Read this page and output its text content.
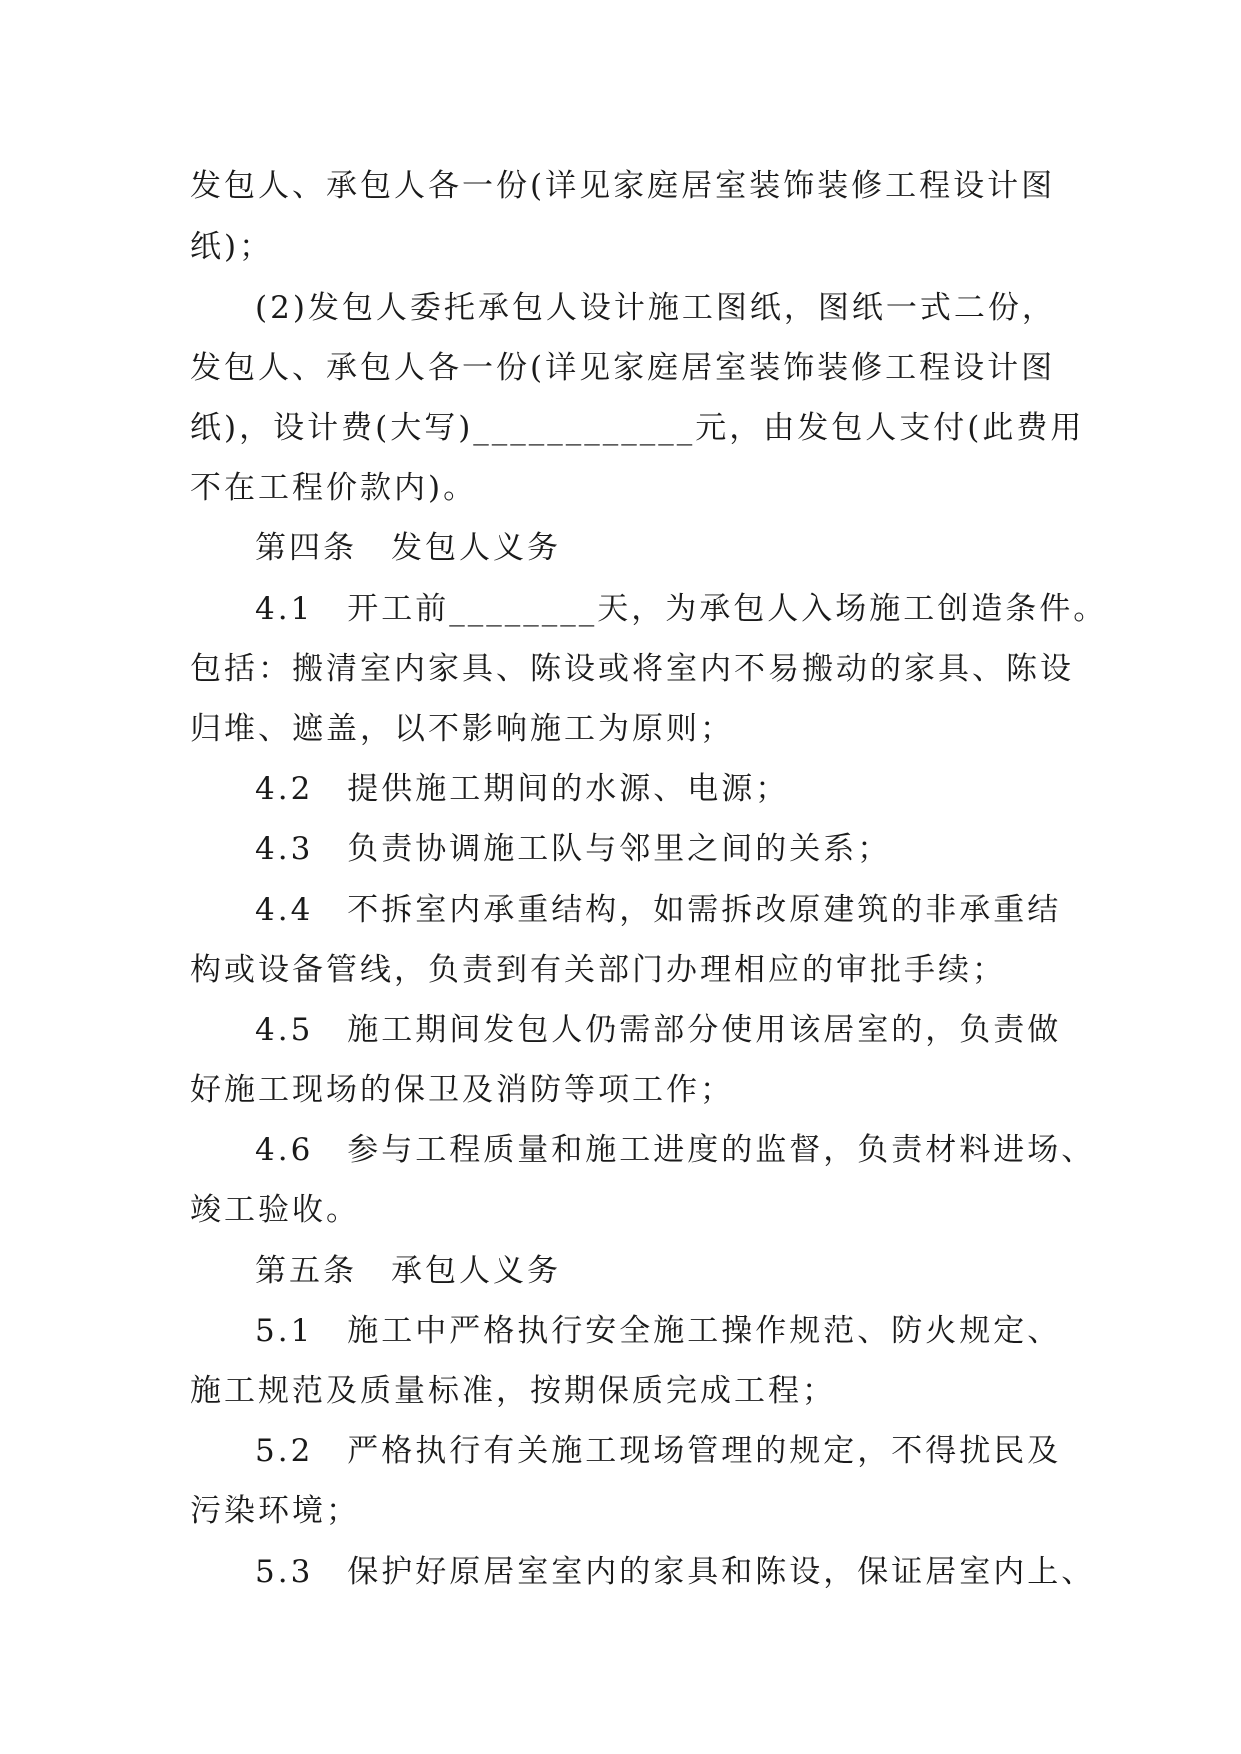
发包人、承包人各一份(详见家庭居室装饰装修工程设计图
纸)；
(2)发包人委托承包人设计施工图纸，图纸一式二份，
发包人、承包人各一份(详见家庭居室装饰装修工程设计图
纸)，设计费(大写)____________元，由发包人支付(此费用
不在工程价款内)。
第四条　发包人义务
4.1　开工前________天，为承包人入场施工创造条件。
包括：搬清室内家具、陈设或将室内不易搬动的家具、陈设
归堆、遮盖，以不影响施工为原则；
4.2　提供施工期间的水源、电源；
4.3　负责协调施工队与邻里之间的关系；
4.4　不拆室内承重结构，如需拆改原建筑的非承重结
构或设备管线，负责到有关部门办理相应的审批手续；
4.5　施工期间发包人仍需部分使用该居室的，负责做
好施工现场的保卫及消防等项工作；
4.6　参与工程质量和施工进度的监督，负责材料进场、
竣工验收。
第五条　承包人义务
5.1　施工中严格执行安全施工操作规范、防火规定、
施工规范及质量标准，按期保质完成工程；
5.2　严格执行有关施工现场管理的规定，不得扰民及
污染环境；
5.3　保护好原居室室内的家具和陈设，保证居室内上、
